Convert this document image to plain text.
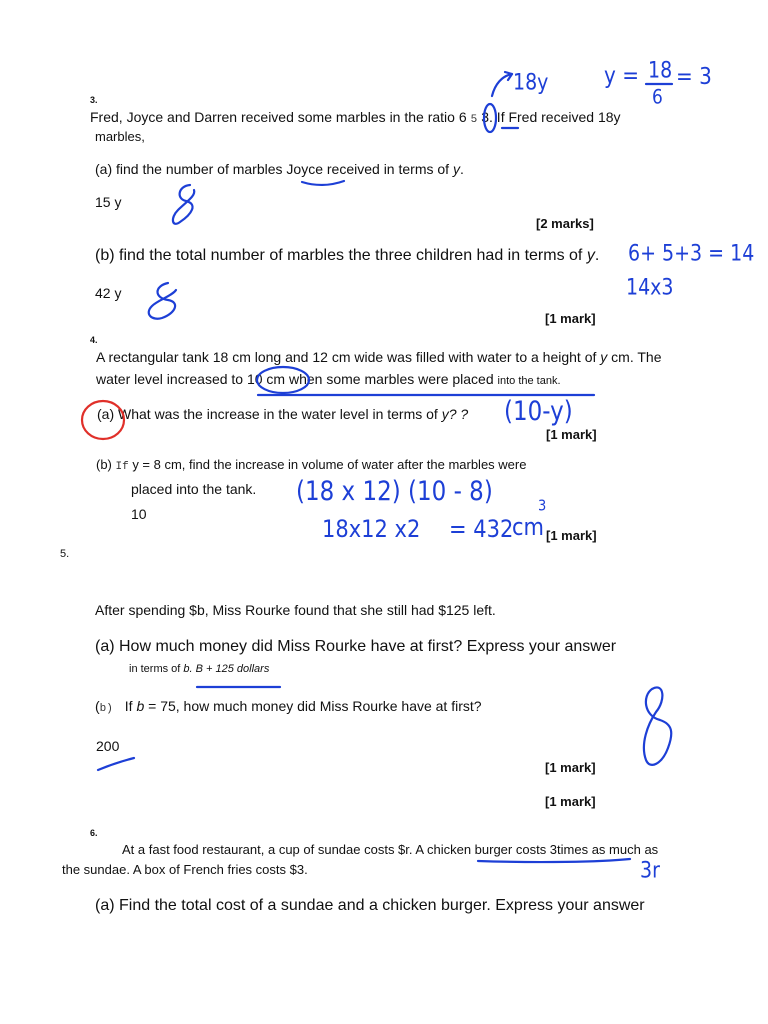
3.
Fred, Joyce and Darren received some marbles in the ratio 6 5 3. If Fred received 18y
marbles,
(a) find the number of marbles Joyce received in terms of y.
15 y
[2 marks]
(b) find the total number of marbles the three children had in terms of y.
42 y
[1 mark]
4.
A rectangular tank 18 cm long and 12 cm wide was filled with water to a height of y cm. The
water level increased to 10 cm when some marbles were placed into the tank.
(a) What was the increase in the water level in terms of y? ?
[1 mark]
(b) If y = 8 cm, find the increase in volume of water after the marbles were
placed into the tank.
10
[1 mark]
5.
After spending $b, Miss Rourke found that she still had $125 left.
(a) How much money did Miss Rourke have at first? Express your answer
in terms of b. B + 125 dollars
(b) If b = 75, how much money did Miss Rourke have at first?
200
[1 mark]
[1 mark]
6.
At a fast food restaurant, a cup of sundae costs $r. A chicken burger costs 3times as much as
the sundae. A box of French fries costs $3.
(a) Find the total cost of a sundae and a chicken burger. Express your answer
y = 18
6
= 3
18y
6+ 5+3 = 14
14x3
(10-y)
(18 x 12) (10 - 8)
18x12 x2 = 432
cm
3
3r
